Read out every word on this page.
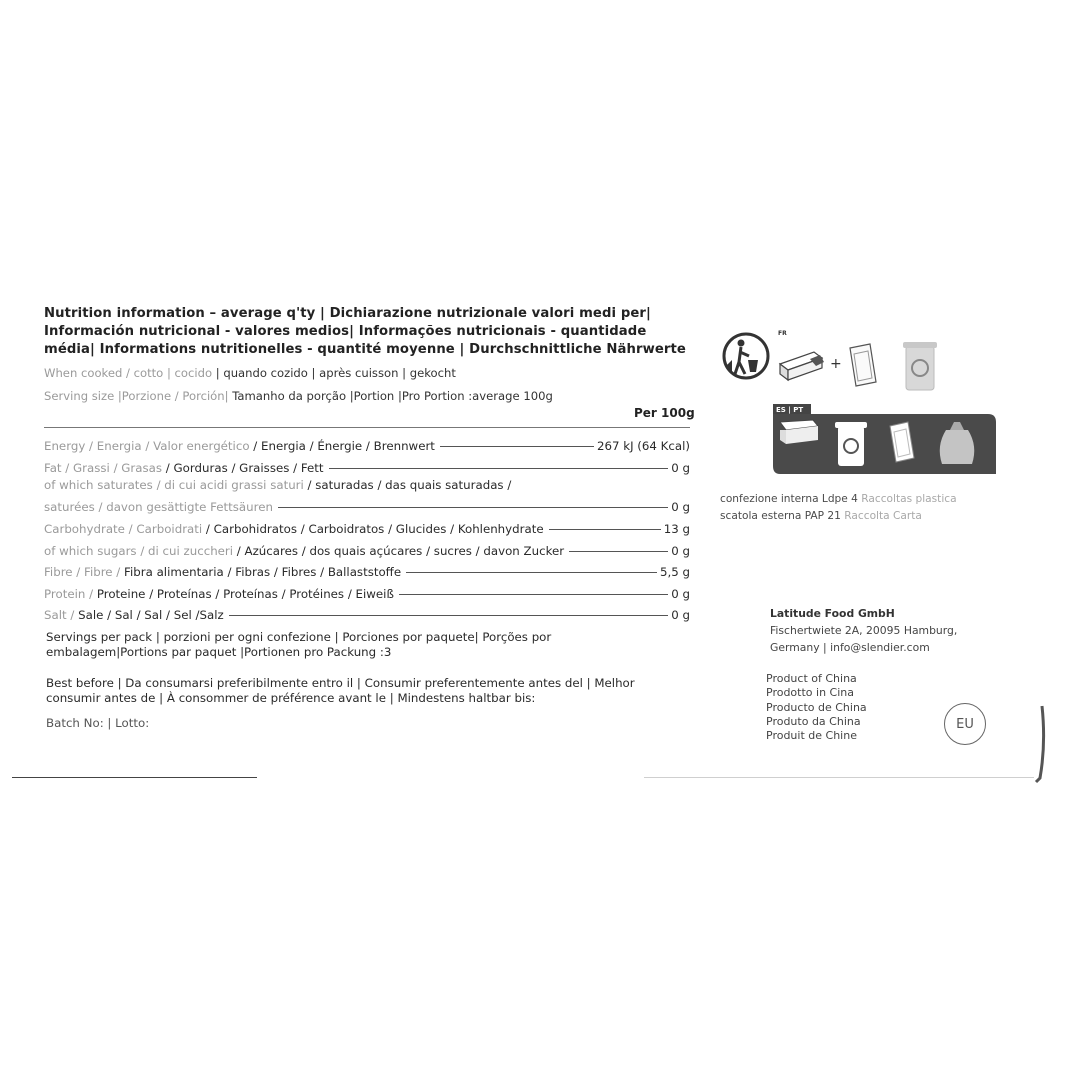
Nutrition information – average q'ty | Dichiarazione nutrizionale valori medi per|
Información nutricional - valores medios| Informações nutricionais - quantidade
média| Informations nutritionelles - quantité moyenne | Durchschnittliche Nährwerte
When cooked / cotto | cocido | quando cozido | après cuisson | gekocht
Serving size |Porzione / Porción| Tamanho da porção |Portion |Pro Portion :average 100g
Per 100g
Energy / Energia / Valor energético / Energia / Énergie / Brennwert	267 kJ (64 Kcal)
Fat / Grassi / Grasas / Gorduras / Graisses / Fett	0 g
of which saturates / di cui acidi grassi saturi / saturadas / das quais saturadas /
saturées / davon gesättigte Fettsäuren	0 g
Carbohydrate / Carboidrati / Carbohidratos / Carboidratos / Glucides / Kohlenhydrate	13 g
of which sugars / di cui zuccheri / Azúcares / dos quais açúcares / sucres / davon Zucker	0 g
Fibre / Fibre / Fibra alimentaria / Fibras / Fibres / Ballaststoffe	5,5 g
Protein / Proteine / Proteínas / Proteínas / Protéines / Eiweiß	0 g
Salt / Sale / Sal / Sal / Sel /Salz	0 g
Servings per pack | porzioni per ogni confezione | Porciones por paquete| Porções por
embalagem|Portions par paquet |Portionen pro Packung :3
Best before | Da consumarsi preferibilmente entro il | Consumir preferentemente antes del | Melhor
consumir antes de | À consommer de préférence avant le | Mindestens haltbar bis:
Batch No: | Lotto:
FR
+
ES | PT
confezione interna Ldpe 4 Raccoltas plastica
scatola esterna PAP 21 Raccolta Carta
Latitude Food GmbH
Fischertwiete 2A, 20095 Hamburg,
Germany | info@slendier.com
Product of China
Prodotto in Cina
Producto de China
Produto da China
Produit de Chine
EU
